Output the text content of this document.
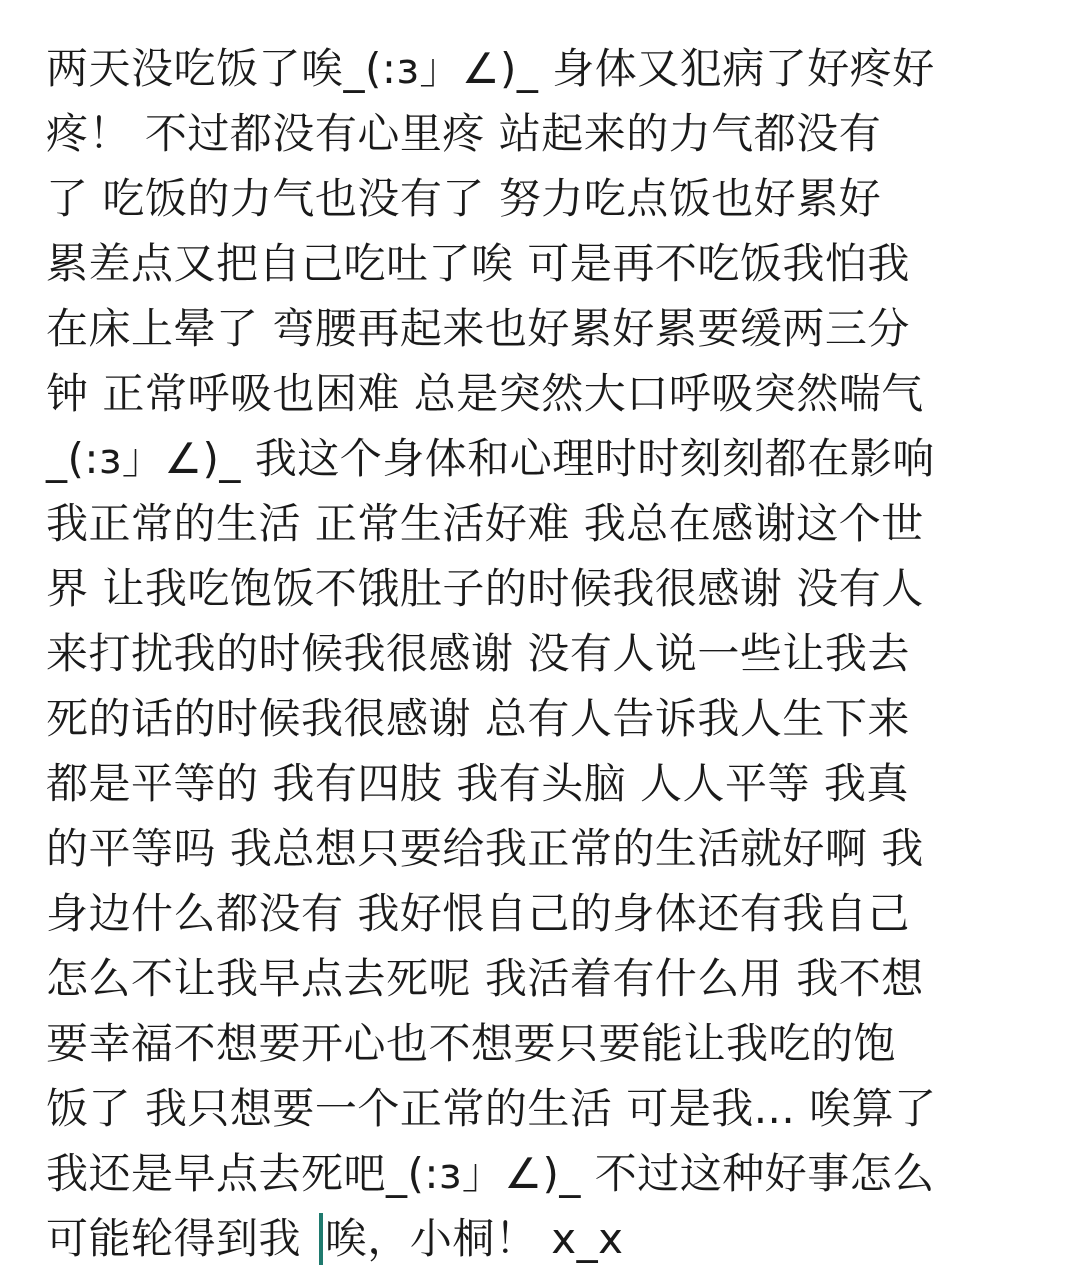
两天没吃饭了唉_(:з」∠)_ 身体又犯病了好疼好
疼！ 不过都没有心里疼 站起来的力气都没有
了 吃饭的力气也没有了 努力吃点饭也好累好
累差点又把自己吃吐了唉 可是再不吃饭我怕我
在床上晕了 弯腰再起来也好累好累要缓两三分
钟 正常呼吸也困难 总是突然大口呼吸突然喘气
_(:з」∠)_ 我这个身体和心理时时刻刻都在影响
我正常的生活 正常生活好难 我总在感谢这个世
界 让我吃饱饭不饿肚子的时候我很感谢 没有人
来打扰我的时候我很感谢 没有人说一些让我去
死的话的时候我很感谢 总有人告诉我人生下来
都是平等的 我有四肢 我有头脑 人人平等 我真
的平等吗 我总想只要给我正常的生活就好啊 我
身边什么都没有 我好恨自己的身体还有我自己
怎么不让我早点去死呢 我活着有什么用 我不想
要幸福不想要开心也不想要只要能让我吃的饱
饭了 我只想要一个正常的生活 可是我... 唉算了
我还是早点去死吧_(:з」∠)_ 不过这种好事怎么
可能轮得到我 唉，小桐！ x_x
